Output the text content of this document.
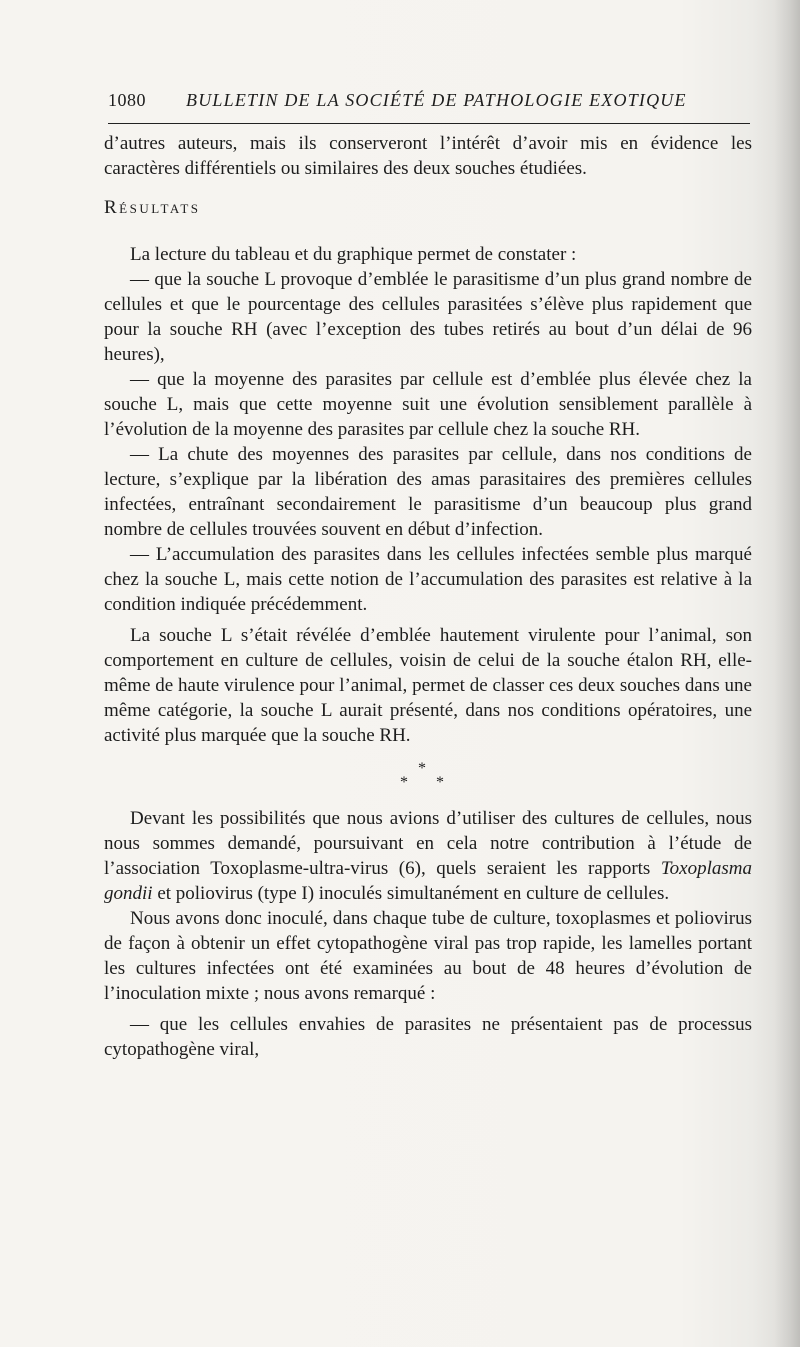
1080 BULLETIN DE LA SOCIÉTÉ DE PATHOLOGIE EXOTIQUE

d’autres auteurs, mais ils conserveront l’intérêt d’avoir mis en évidence les caractères différentiels ou similaires des deux souches étudiées.

Résultats

La lecture du tableau et du graphique permet de constater :

— que la souche L provoque d’emblée le parasitisme d’un plus grand nombre de cellules et que le pourcentage des cellules parasitées s’élève plus rapidement que pour la souche RH (avec l’exception des tubes retirés au bout d’un délai de 96 heures),

— que la moyenne des parasites par cellule est d’emblée plus élevée chez la souche L, mais que cette moyenne suit une évolution sensiblement parallèle à l’évolution de la moyenne des parasites par cellule chez la souche RH.

— La chute des moyennes des parasites par cellule, dans nos conditions de lecture, s’explique par la libération des amas parasitaires des premières cellules infectées, entraînant secondairement le parasitisme d’un beaucoup plus grand nombre de cellules trouvées souvent en début d’infection.

— L’accumulation des parasites dans les cellules infectées semble plus marqué chez la souche L, mais cette notion de l’accumulation des parasites est relative à la condition indiquée précédemment.

La souche L s’était révélée d’emblée hautement virulente pour l’animal, son comportement en culture de cellules, voisin de celui de la souche étalon RH, elle-même de haute virulence pour l’animal, permet de classer ces deux souches dans une même catégorie, la souche L aurait présenté, dans nos conditions opératoires, une activité plus marquée que la souche RH.

*
* *

Devant les possibilités que nous avions d’utiliser des cultures de cellules, nous nous sommes demandé, poursuivant en cela notre contribution à l’étude de l’association Toxoplasme-ultra-virus (6), quels seraient les rapports Toxoplasma gondii et poliovirus (type I) inoculés simultanément en culture de cellules.

Nous avons donc inoculé, dans chaque tube de culture, toxoplasmes et poliovirus de façon à obtenir un effet cytopathogène viral pas trop rapide, les lamelles portant les cultures infectées ont été examinées au bout de 48 heures d’évolution de l’inoculation mixte ; nous avons remarqué :

— que les cellules envahies de parasites ne présentaient pas de processus cytopathogène viral,
